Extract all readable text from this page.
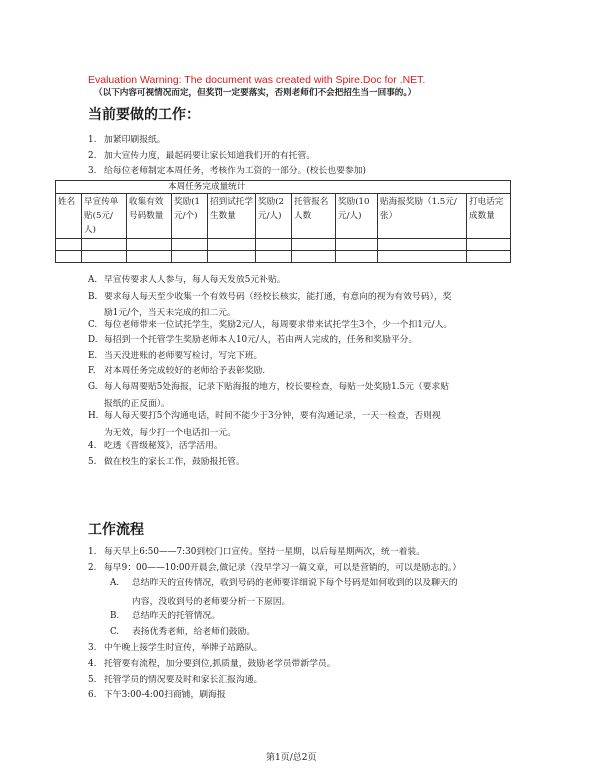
Evaluation Warning: The document was created with Spire.Doc for .NET.
（以下内容可视情况而定，但奖罚一定要落实，否则老师们不会把招生当一回事的。）
当前要做的工作：
1. 加紧印刷报纸。
2. 加大宣传力度，最起码要让家长知道我们开的有托管。
3. 给每位老师制定本周任务，考核作为工资的一部分。(校长也要参加)
本周任务完成量统计									
姓名	早宣传单贴(5元/人)	收集有效号码数量	奖励(1元/个)	招到试托学生数量	奖励(2元/人)	托管报名人数	奖励(10元/人)	贴海报奖励（1.5元/张）	打电话完成数量

A. 早宣传要求人人参与，每人每天发放5元补贴。
B. 要求每人每天至少收集一个有效号码（经校长核实，能打通，有意向的视为有效号码），奖
励1元/个，当天未完成的扣二元。
C. 每位老师带来一位试托学生，奖励2元/人，每周要求带来试托学生3个，少一个扣1元/人。
D. 每招到一个托管学生奖励老师本人10元/人，若由两人完成的，任务和奖励平分。
E. 当天没进账的老师要写检讨，写完下班。
F. 对本周任务完成较好的老师给予表彰奖励.
G. 每人每周要贴5处海报，记录下贴海报的地方，校长要检查，每贴一处奖励1.5元（要求贴
报纸的正反面）。
H. 每人每天要打5个沟通电话，时间不能少于3分钟，要有沟通记录，一天一检查，否则视
为无效，每少打一个电话扣一元。
4. 吃透《晋级秘笈》，活学活用。
5. 做在校生的家长工作，鼓励报托管。
工作流程
1. 每天早上6:50——7:30到校门口宣传。坚持一星期，以后每星期两次，统一着装。
2. 每早9：00——10:00开晨会,做记录（没早学习一篇文章，可以是营销的，可以是励志的。）
A. 总结昨天的宣传情况，收到号码的老师要详细说下每个号码是如何收到的以及聊天的
内容，没收到号的老师要分析一下原因。
B. 总结昨天的托管情况。
C. 表扬优秀老师，给老师们鼓励。
3. 中午晚上接学生时宣传，举牌子站路队。
4. 托管要有流程，加分要到位,抓质量，鼓励老学员带新学员。
5. 托管学员的情况要及时和家长汇报沟通。
6. 下午3:00-4:00扫商铺，刷海报
第1页/总2页
